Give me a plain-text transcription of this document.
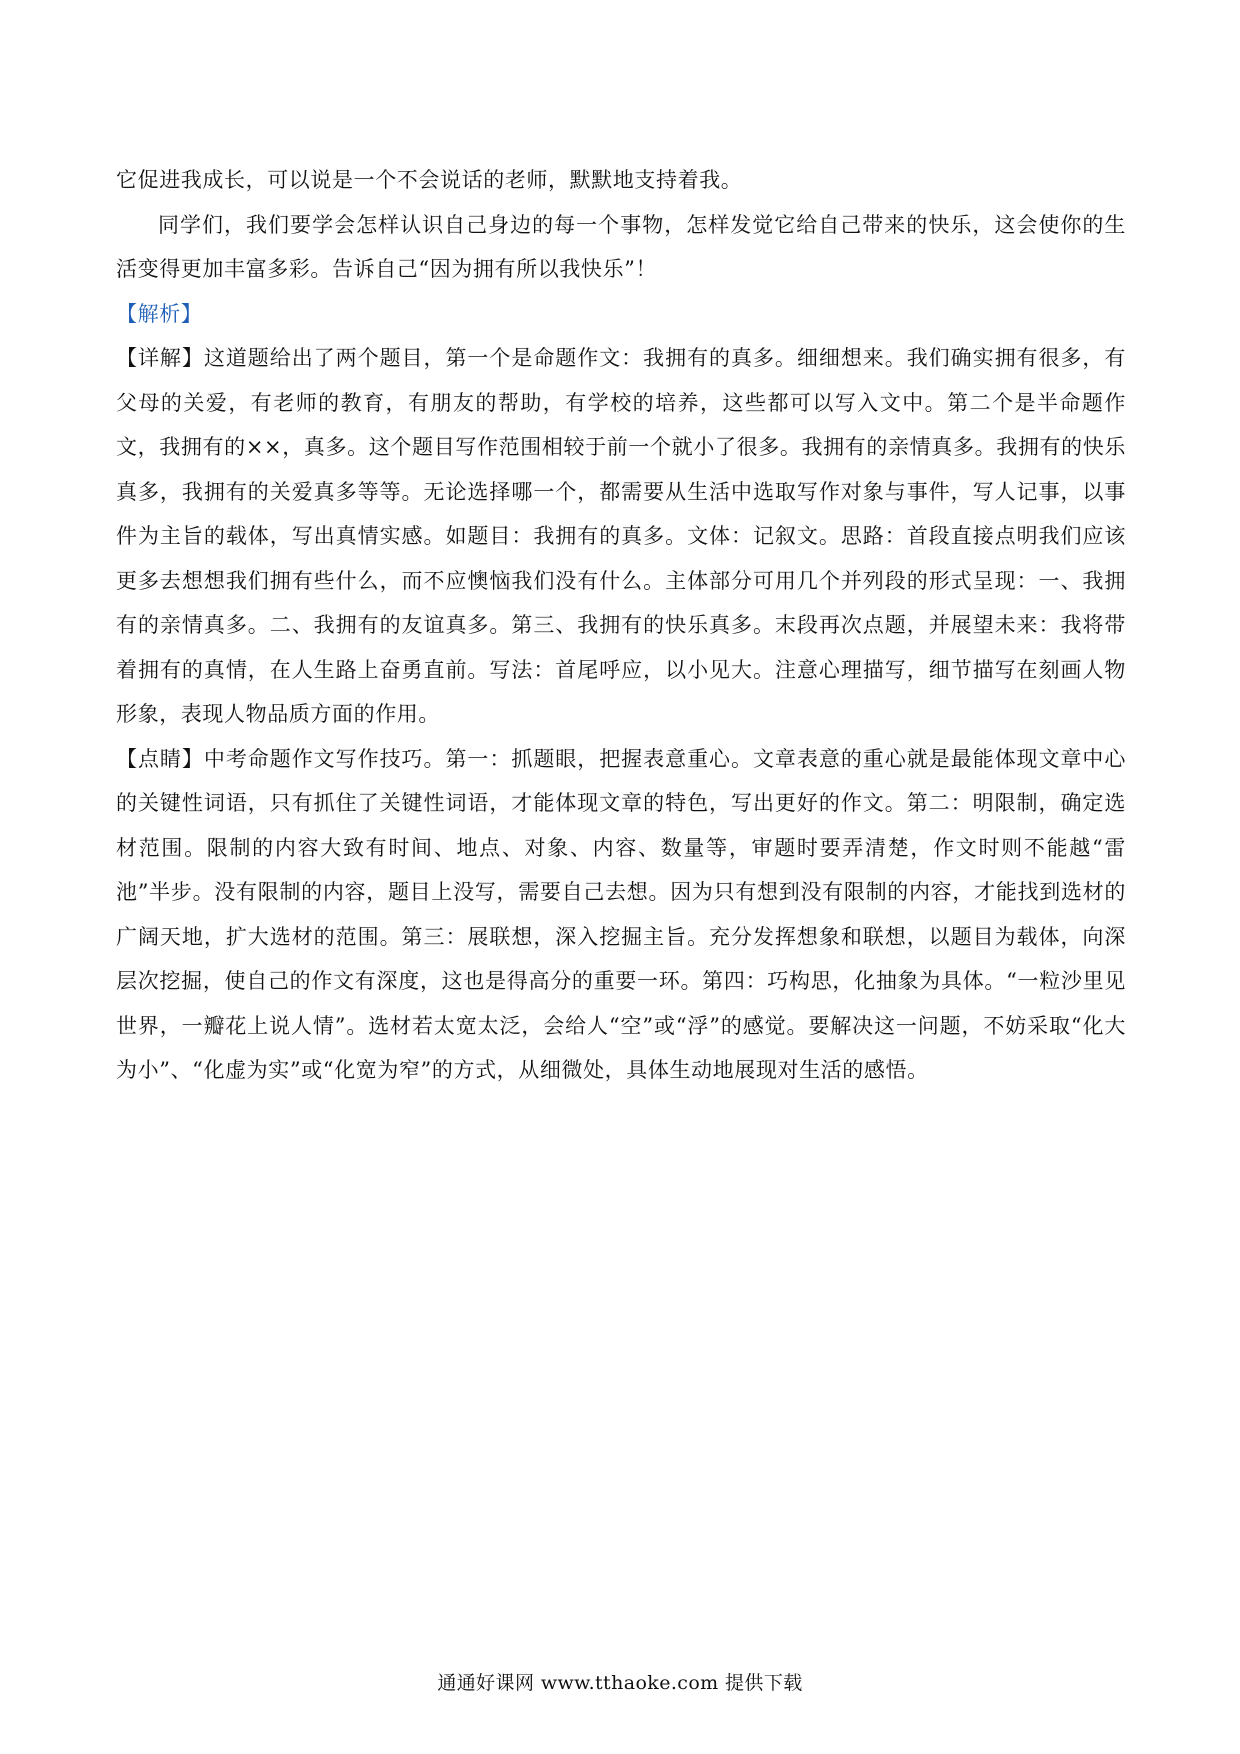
它促进我成长，可以说是一个不会说话的老师，默默地支持着我。

同学们，我们要学会怎样认识自己身边的每一个事物，怎样发觉它给自己带来的快乐，这会使你的生活变得更加丰富多彩。告诉自己“因为拥有所以我快乐”！

【解析】

【详解】这道题给出了两个题目，第一个是命题作文：我拥有的真多。细细想来。我们确实拥有很多，有父母的关爱，有老师的教育，有朋友的帮助，有学校的培养，这些都可以写入文中。第二个是半命题作文，我拥有的××，真多。这个题目写作范围相较于前一个就小了很多。我拥有的亲情真多。我拥有的快乐真多，我拥有的关爱真多等等。无论选择哪一个，都需要从生活中选取写作对象与事件，写人记事，以事件为主旨的载体，写出真情实感。如题目：我拥有的真多。文体：记叙文。思路：首段直接点明我们应该更多去想想我们拥有些什么，而不应懊恼我们没有什么。主体部分可用几个并列段的形式呈现：一、我拥有的亲情真多。二、我拥有的友谊真多。第三、我拥有的快乐真多。末段再次点题，并展望未来：我将带着拥有的真情，在人生路上奋勇直前。写法：首尾呼应，以小见大。注意心理描写，细节描写在刻画人物形象，表现人物品质方面的作用。

【点睛】中考命题作文写作技巧。第一：抓题眼，把握表意重心。文章表意的重心就是最能体现文章中心的关键性词语，只有抓住了关键性词语，才能体现文章的特色，写出更好的作文。第二：明限制，确定选材范围。限制的内容大致有时间、地点、对象、内容、数量等，审题时要弄清楚，作文时则不能越“雷池”半步。没有限制的内容，题目上没写，需要自己去想。因为只有想到没有限制的内容，才能找到选材的广阔天地，扩大选材的范围。第三：展联想，深入挖掘主旨。充分发挥想象和联想，以题目为载体，向深层次挖掘，使自己的作文有深度，这也是得高分的重要一环。第四：巧构思，化抽象为具体。“一粒沙里见世界，一瓣花上说人情”。选材若太宽太泛，会给人“空”或“浮”的感觉。要解决这一问题，不妨采取“化大为小”、“化虚为实”或“化宽为窄”的方式，从细微处，具体生动地展现对生活的感悟。

通通好课网 www.tthaoke.com 提供下载
